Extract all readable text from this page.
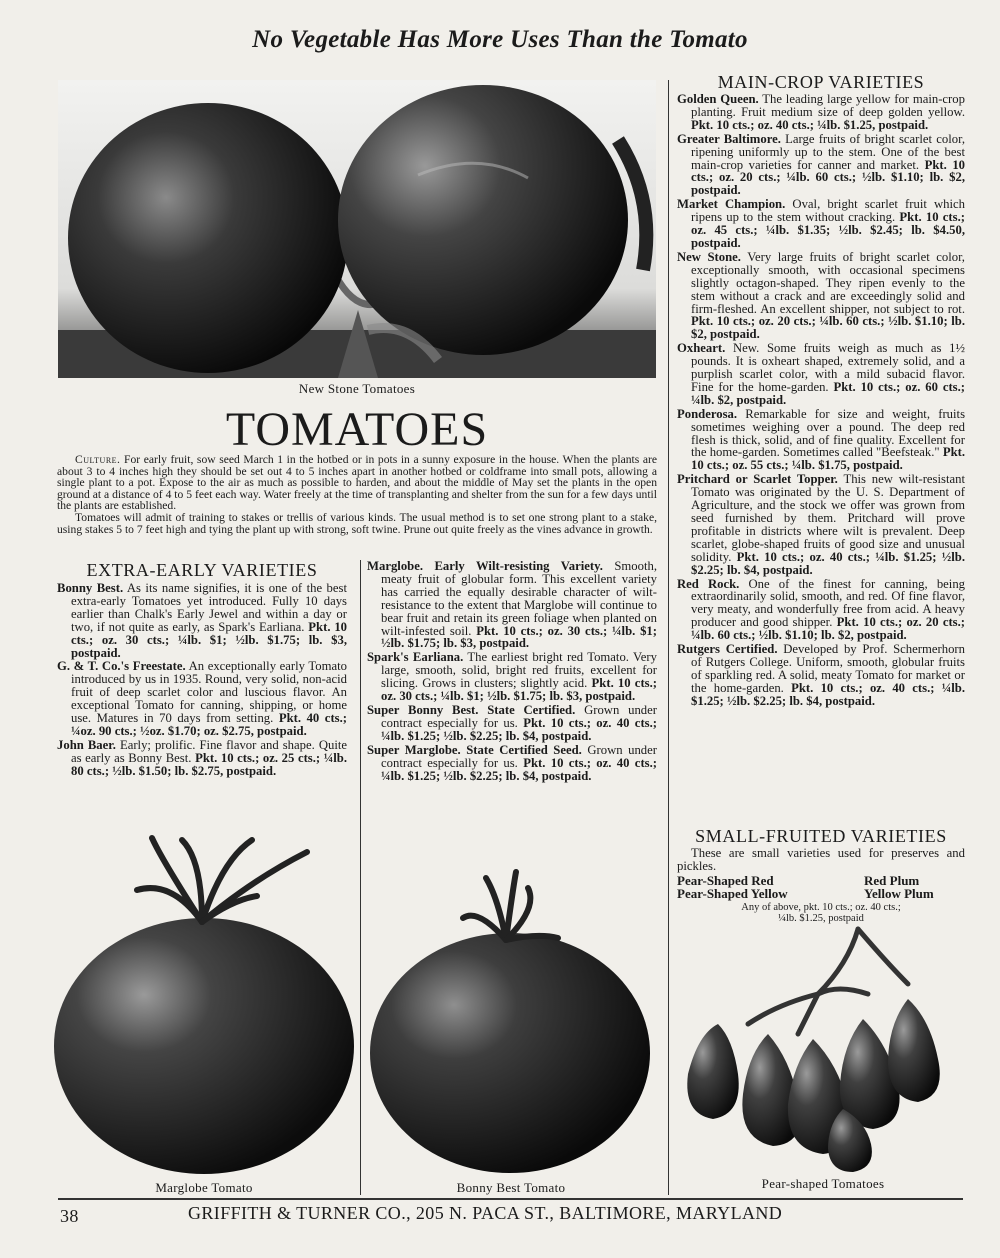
No Vegetable Has More Uses Than the Tomato
New Stone Tomatoes
TOMATOES

Culture. For early fruit, sow seed March 1 in the hotbed or in pots in a sunny exposure in the house. When the plants are about 3 to 4 inches high they should be set out 4 to 5 inches apart in another hotbed or coldframe into small pots, allowing a single plant to a pot. Expose to the air as much as possible to harden, and about the middle of May set the plants in the open ground at a distance of 4 to 5 feet each way. Water freely at the time of transplanting and shelter from the sun for a few days until the plants are established.

Tomatoes will admit of training to stakes or trellis of various kinds. The usual method is to set one strong plant to a stake, using stakes 5 to 7 feet high and tying the plant up with strong, soft twine. Prune out quite freely as the vines advance in growth.

EXTRA-EARLY VARIETIES

Bonny Best. As its name signifies, it is one of the best extra-early Tomatoes yet introduced. Fully 10 days earlier than Chalk's Early Jewel and within a day or two, if not quite as early, as Spark's Earliana. Pkt. 10 cts.; oz. 30 cts.; ¼lb. $1; ½lb. $1.75; lb. $3, postpaid.

G. & T. Co.'s Freestate. An exceptionally early Tomato introduced by us in 1935. Round, very solid, non-acid fruit of deep scarlet color and luscious flavor. An exceptional Tomato for canning, shipping, or home use. Matures in 70 days from setting. Pkt. 40 cts.; ¼oz. 90 cts.; ½oz. $1.70; oz. $2.75, postpaid.

John Baer. Early; prolific. Fine flavor and shape. Quite as early as Bonny Best. Pkt. 10 cts.; oz. 25 cts.; ¼lb. 80 cts.; ½lb. $1.50; lb. $2.75, postpaid.

Marglobe. Early Wilt-resisting Variety. Smooth, meaty fruit of globular form. This excellent variety has carried the equally desirable character of wilt-resistance to the extent that Marglobe will continue to bear fruit and retain its green foliage when planted on wilt-infested soil. Pkt. 10 cts.; oz. 30 cts.; ¼lb. $1; ½lb. $1.75; lb. $3, postpaid.

Spark's Earliana. The earliest bright red Tomato. Very large, smooth, solid, bright red fruits, excellent for slicing. Grows in clusters; slightly acid. Pkt. 10 cts.; oz. 30 cts.; ¼lb. $1; ½lb. $1.75; lb. $3, postpaid.

Super Bonny Best. State Certified. Grown under contract especially for us. Pkt. 10 cts.; oz. 40 cts.; ¼lb. $1.25; ½lb. $2.25; lb. $4, postpaid.

Super Marglobe. State Certified Seed. Grown under contract especially for us. Pkt. 10 cts.; oz. 40 cts.; ¼lb. $1.25; ½lb. $2.25; lb. $4, postpaid.

MAIN-CROP VARIETIES

Golden Queen. The leading large yellow for main-crop planting. Fruit medium size of deep golden yellow. Pkt. 10 cts.; oz. 40 cts.; ¼lb. $1.25, postpaid.

Greater Baltimore. Large fruits of bright scarlet color, ripening uniformly up to the stem. One of the best main-crop varieties for canner and market. Pkt. 10 cts.; oz. 20 cts.; ¼lb. 60 cts.; ½lb. $1.10; lb. $2, postpaid.

Market Champion. Oval, bright scarlet fruit which ripens up to the stem without cracking. Pkt. 10 cts.; oz. 45 cts.; ¼lb. $1.35; ½lb. $2.45; lb. $4.50, postpaid.

New Stone. Very large fruits of bright scarlet color, exceptionally smooth, with occasional specimens slightly octagon-shaped. They ripen evenly to the stem without a crack and are exceedingly solid and firm-fleshed. An excellent shipper, not subject to rot. Pkt. 10 cts.; oz. 20 cts.; ¼lb. 60 cts.; ½lb. $1.10; lb. $2, postpaid.

Oxheart. New. Some fruits weigh as much as 1½ pounds. It is oxheart shaped, extremely solid, and a purplish scarlet color, with a mild subacid flavor. Fine for the home-garden. Pkt. 10 cts.; oz. 60 cts.; ¼lb. $2, postpaid.

Ponderosa. Remarkable for size and weight, fruits sometimes weighing over a pound. The deep red flesh is thick, solid, and of fine quality. Excellent for the home-garden. Sometimes called "Beefsteak." Pkt. 10 cts.; oz. 55 cts.; ¼lb. $1.75, postpaid.

Pritchard or Scarlet Topper. This new wilt-resistant Tomato was originated by the U. S. Department of Agriculture, and the stock we offer was grown from seed furnished by them. Pritchard will prove profitable in districts where wilt is prevalent. Deep scarlet, globe-shaped fruits of good size and unusual solidity. Pkt. 10 cts.; oz. 40 cts.; ¼lb. $1.25; ½lb. $2.25; lb. $4, postpaid.

Red Rock. One of the finest for canning, being extraordinarily solid, smooth, and red. Of fine flavor, very meaty, and wonderfully free from acid. A heavy producer and good shipper. Pkt. 10 cts.; oz. 20 cts.; ¼lb. 60 cts.; ½lb. $1.10; lb. $2, postpaid.

Rutgers Certified. Developed by Prof. Schermerhorn of Rutgers College. Uniform, smooth, globular fruits of sparkling red. A solid, meaty Tomato for market or the home-garden. Pkt. 10 cts.; oz. 40 cts.; ¼lb. $1.25; ½lb. $2.25; lb. $4, postpaid.

SMALL-FRUITED VARIETIES
These are small varieties used for preserves and pickles.
Pear-Shaped Red	Red Plum
Pear-Shaped Yellow	Yellow Plum
Any of above, pkt. 10 cts.; oz. 40 cts.;
¼lb. $1.25, postpaid
Marglobe Tomato	Bonny Best Tomato	Pear-shaped Tomatoes
38	GRIFFITH & TURNER CO., 205 N. PACA ST., BALTIMORE, MARYLAND
